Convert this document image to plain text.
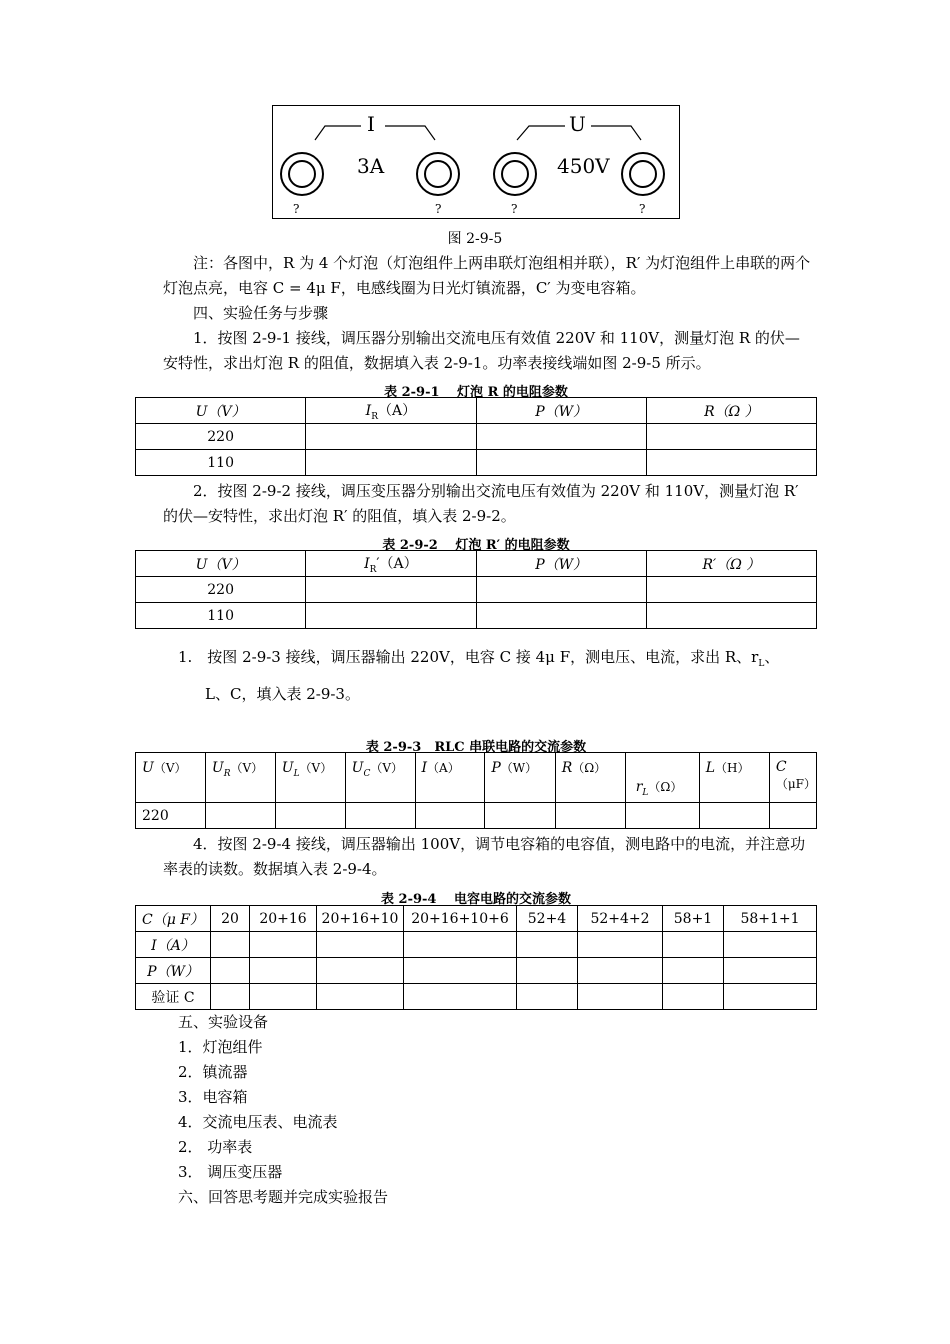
I	U
3A	450V
?	?	?	?
图 2-9-5
注：各图中，R 为 4 个灯泡（灯泡组件上两串联灯泡组相并联），R′ 为灯泡组件上串联的两个灯泡点亮，电容 C = 4μ F，电感线圈为日光灯镇流器，C′ 为变电容箱。
四、实验任务与步骤
1．按图 2-9-1 接线，调压器分别输出交流电压有效值 220V 和 110V，测量灯泡 R 的伏—安特性，求出灯泡 R 的阻值，数据填入表 2-9-1。功率表接线端如图 2-9-5 所示。
表 2-9-1　 灯泡 R 的电阻参数
U（V）	$I_R(A)$	P（W）	R（Ω ）
220			
110			
2．按图 2-9-2 接线，调压变压器分别输出交流电压有效值为 220V 和 110V，测量灯泡 R′ 的伏—安特性，求出灯泡 R′ 的阻值，填入表 2-9-2。
表 2-9-2　 灯泡 R′ 的电阻参数
U（V）	$I_R'(A)$	P（W）	R′（Ω ）
220			
110			
1.　按图 2-9-3 接线，调压器输出 220V，电容 C 接 4μ F，测电压、电流，求出 R、$r_L$、
L、C，填入表 2-9-3。
表 2-9-3　RLC 串联电路的交流参数
U（V）	$U_R(V)$	$U_L(V)$	$U_C(V)$	I（A）	P（W）	R（Ω）	$r_L(\Omega)$	L（H）	C（μF）
220									
4．按图 2-9-4 接线，调压器输出 100V，调节电容箱的电容值，测电路中的电流，并注意功率表的读数。数据填入表 2-9-4。
表 2-9-4　 电容电路的交流参数
C（μ F）	20	20+16	20+16+10	20+16+10+6	52+4	52+4+2	58+1	58+1+1
I（A）								
P（W）								
验证 C								
五、实验设备
1．灯泡组件
2．镇流器
3．电容箱
4．交流电压表、电流表
2． 功率表
3． 调压变压器
六、回答思考题并完成实验报告
